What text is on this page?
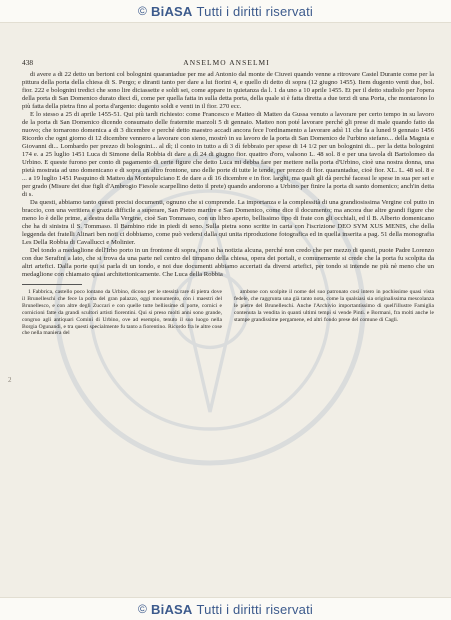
© BiASA Tutti i diritti riservati
438	ANSELMO ANSELMI

di avere a di 22 detto un bertoni col bolognini quarantadue per me ad Antonio dal monte de Ciuvei quando venne a ritrovare Castel Durante come per la pittura della porta della chiesa di S. Pergo; e diranti tanto per dare a lui fiorini 4, e quello di detto di sopra (12 giugno 1455). Item dugento venti due, bol. fior. 222 e bolognini tredici che sono lire diciassette e soldi sei, come appare in quietanza da l. 1 da uno a 10 aprile 1455. Et per il detto studiolo per l'opera della porta di San Domenico durato dieci dì, come per quella fatta in sulla detta porta, della quale si è fatta diretta a due terzi di una Porta, che montarono lo più fatta della pietra fino al porta d'argento: dugento soldi e venti in il fior. 270 ecc.

E lo stesso a 25 di aprile 1455-51. Qui più tardi richiesto: come Francesco e Matteo di Matteo da Gussa venuto a lavorare per certo tempo in su lavoro de la porta di San Domenico dicendo consumato delle fraternite marzoli 5 di gennaio. Matteo non poté lavorare perché gli prese di male quando fatto da nuovo; che tornarono domenica a di 3 dicembre e perché detto maestro accadi ancora fece l'ordinamento a lavorare adsì 11 che fa a luned 9 gennaio 1456 Ricordo che ogni giorno di 12 dicembre vennero a lavorare con sieno, mostrò in su lavoro de la porta di San Domenico de l'urbino stefano... della Magnia e Giovanni di... Lombardo per prezzo di bolognini... al dì; il conto in tutto a dì 3 dì febbraio per spese di 14 1/2 per un bolognini di... per la detta bolognini 174 e. a 25 luglio 1451 Luca di Simone della Robbia di dare a dì 24 di giugno fior. quattro d'oro, valsono L. 48 sol. 8 e per una tavola di Bartolomeo da Urbino. E queste furono per conto di pagamento di certe figure che detto Luca mi debba fare per mettere nella porta d'Urbino, cioè una nostra donna, una pietà mostrata ad uno domenicano e di sopra un altro frontone, uno delle porte di tutte le tende, per prezzo di fior. quarantadue, cioè fior. XL. L. 48 sol. 8 e ... a 19 luglio 1451 Pasquino di Matteo da Montepulciano E de dare a dì 16 dicembre e in fior. larghi, ma quali gli dà perché facessi le spese in sua per sei e per grado (Misure dei due figli d'Ambrogio Fiesole scarpellino detto il prete) quando andorono a Urbino per finire la porta di santo domenico; anch'in detta di s.

Da questi, abbiamo tanto questi precisi documenti, ognuno che si comprende. La importanza e la complessità di una grandiosissima Vergine col putto in braccio, con una veritiera e grazia difficile a superare, San Pietro martire e San Domenico, come dice il documento; ma ancora due altre grandi figure che meno lo è delle prime, a destra della Vergine, cioè San Tommaso, con un libro aperto, bellissimo tipo di frate con gli occhiali, ed il B. Alberto domenicano che ha di sinistra il S. Tommaso. Il Bambino ride in piedi di seno. Sulla pietra sono scritte in carta con l'iscrizione DEO SYM XUS MENIS, che della leggenda dei fratelli Alinari ben noti ci dobbiamo, come può vedersi dalla qui unita riproduzione fotografica ed in quella inserita a pag. 51 della monografia Les Della Robbia di Cavallucci e Molinier.

Del tondo a medaglione dell'Irbo porto in un frontone di sopra, non si ha notizia alcuna, perché non credo che per mezzo di questi, puote Padre Lorenzo con due Serafini a lato, che si trova da una parte nel centro del timpano della chiesa, opera dei portali, e comunemente si crede che la porta fu scolpita da altri artefici. Dalla porte qui si parla di un tondo, e noi due documenti abbiamo accertati da diversi artefici, per tondo si intende ne più nè meno che un medaglione con chiamato quasi architettonicamente. Che Luca della Robbia

1 Fabbrica, castello poco lontano da Urbino, dicono per le stessità rare di pietra dove il Brunelleschi che fece la porta del gran palazzo, oggi monumento, con i maestri del Brunellesco, e con altre degli Zuccari e con quelle tutte bellissime di porte, cornici e cornicioni fatte da grandi scultori artisti fiorentini. Qui si preso molti anni sono grande, congruo agli antiquari Comini di Urbino, ove ad esempio, tenuto il suo luogo nella Borgia Ogunandi, e tra questi specialmente fu tanto a fiorentino. Ricordo fra le altre cose che nella maniera del
ambone con scolpite il nome del suo patronato così intero in pochissime quasi vista fedele, che raggrunta una già tanto nota, come la qualsiasi sia originalissima mescolanza le pietre del Brunelleschi. Anche l'Archivio importantissimo di quell'illustre Famiglia contenuta la vendita in quanti ultimi tempi si vende Pinti. e Bormani, fra molti anche le stampe grandissime pergamene, ed altri fondo prese del comune di Cagli.
2
© BiASA Tutti i diritti riservati
